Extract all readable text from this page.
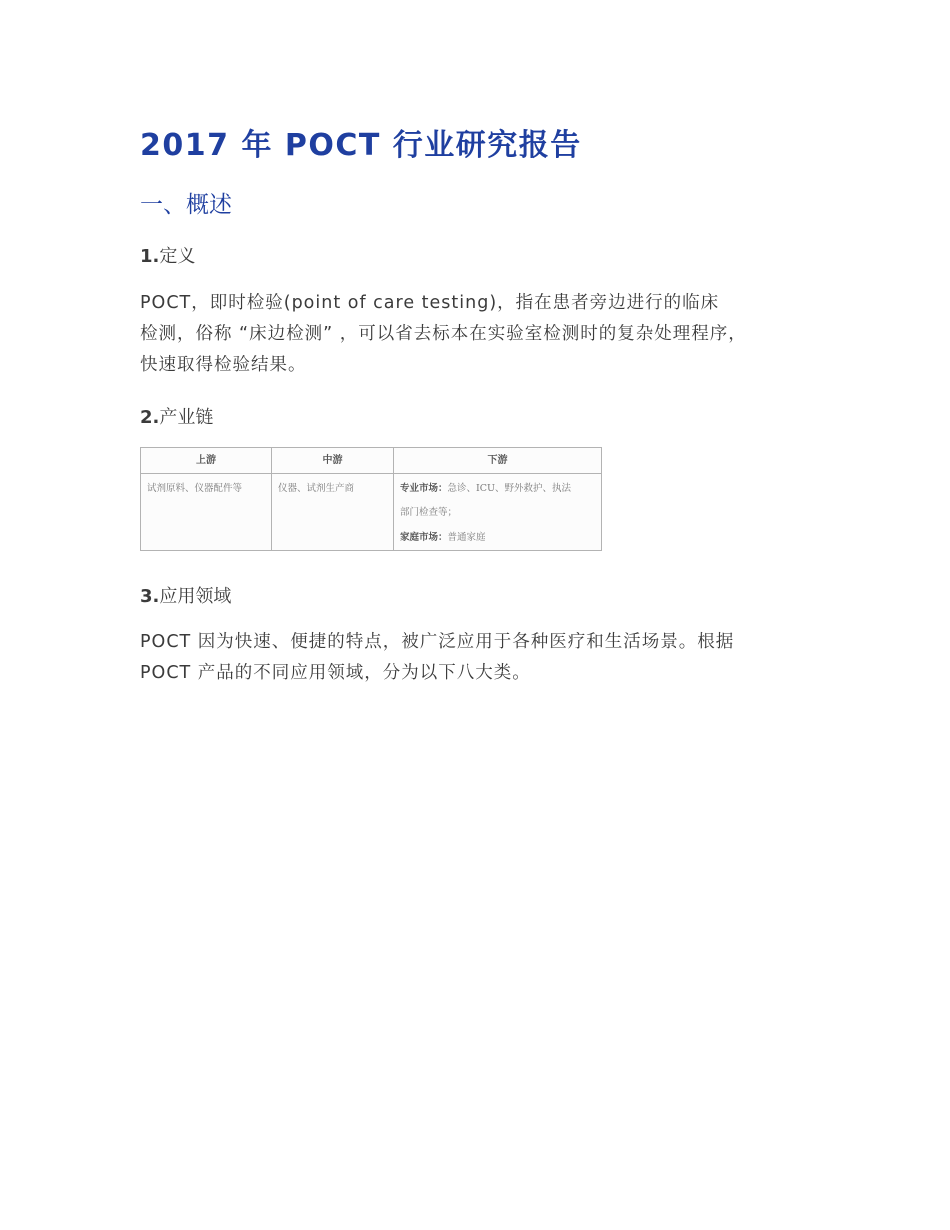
2017 年 POCT 行业研究报告
一、概述
1.定义

POCT，即时检验(point of care testing)，指在患者旁边进行的临床
检测，俗称 “床边检测” ，可以省去标本在实验室检测时的复杂处理程序，
快速取得检验结果。

2.产业链
上游	中游	下游
试剂原料、仪器配件等	仪器、试剂生产商	专业市场：急诊、ICU、野外救护、执法
部门检查等；
家庭市场：普通家庭
3.应用领域

POCT 因为快速、便捷的特点，被广泛应用于各种医疗和生活场景。根据
POCT 产品的不同应用领域，分为以下八大类。
